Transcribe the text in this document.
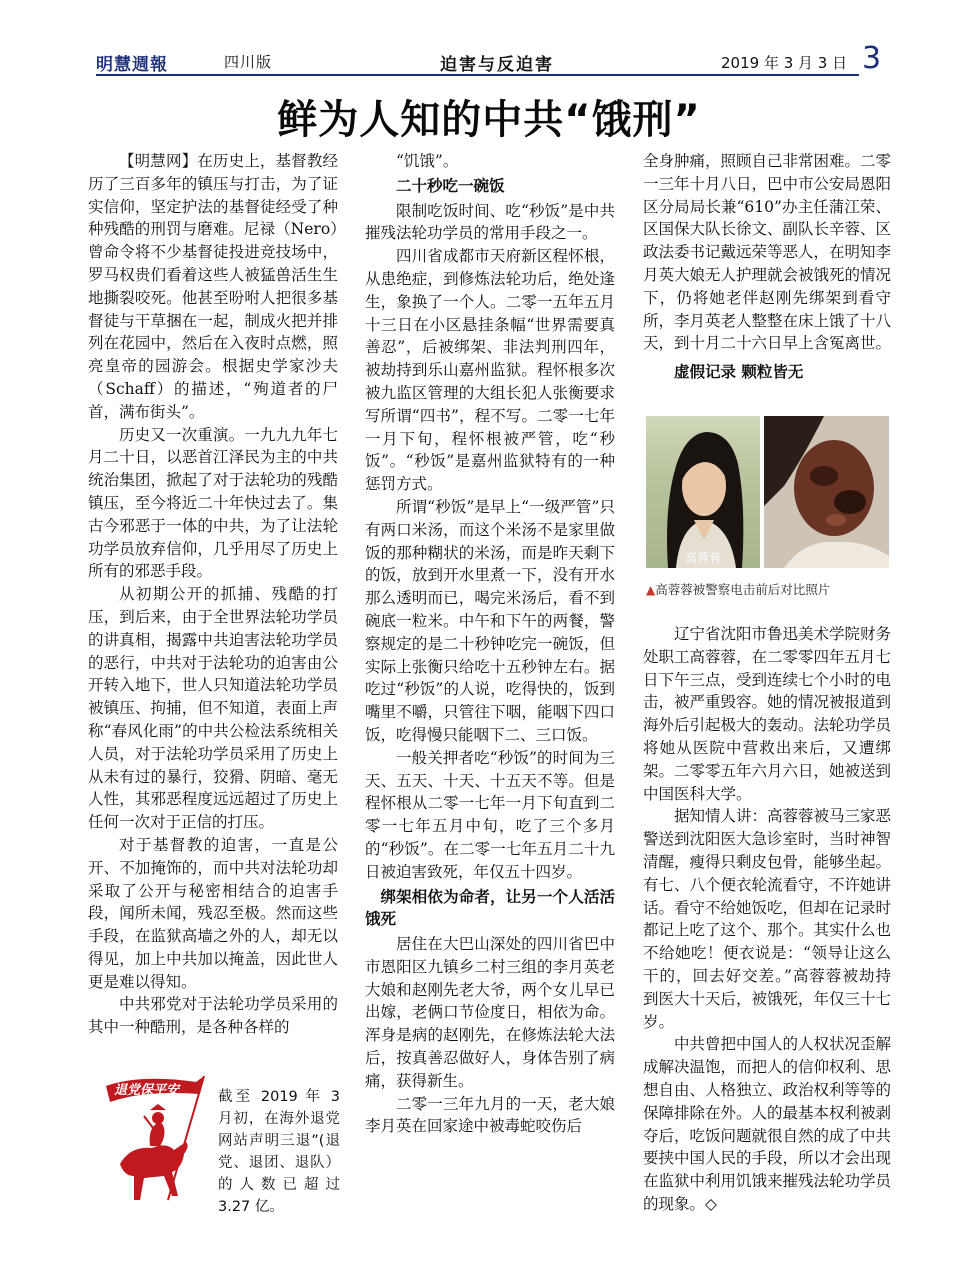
明慧週報	四川版	迫害与反迫害	2019 年 3 月 3 日 3
鲜为人知的中共“饿刑”

【明慧网】在历史上，基督教经历了三百多年的镇压与打击，为了证实信仰，坚定护法的基督徒经受了种种残酷的刑罚与磨难。尼禄（Nero）曾命令将不少基督徒投进竞技场中，罗马权贵们看着这些人被猛兽活生生地撕裂咬死。他甚至吩咐人把很多基督徒与干草捆在一起，制成火把并排列在花园中，然后在入夜时点燃，照亮皇帝的园游会。根据史学家沙夫（Schaff）的描述，“殉道者的尸首，满布街头”。

历史又一次重演。一九九九年七月二十日，以恶首江泽民为主的中共统治集团，掀起了对于法轮功的残酷镇压，至今将近二十年快过去了。集古今邪恶于一体的中共，为了让法轮功学员放弃信仰，几乎用尽了历史上所有的邪恶手段。

从初期公开的抓捕、残酷的打压，到后来，由于全世界法轮功学员的讲真相，揭露中共迫害法轮功学员的恶行，中共对于法轮功的迫害由公开转入地下，世人只知道法轮功学员被镇压、拘捕，但不知道，表面上声称“春风化雨”的中共公检法系统相关人员，对于法轮功学员采用了历史上从未有过的暴行，狡猾、阴暗、毫无人性，其邪恶程度远远超过了历史上任何一次对于正信的打压。

对于基督教的迫害，一直是公开、不加掩饰的，而中共对法轮功却采取了公开与秘密相结合的迫害手段，闻所未闻，残忍至极。然而这些手段，在监狱高墙之外的人，却无以得见，加上中共加以掩盖，因此世人更是难以得知。

中共邪党对于法轮功学员采用的其中一种酷刑，是各种各样的

退党保平安	截至 2019 年 3 月初，在海外退党网站声明三退”(退党、退团、退队）的人数已超过 3.27 亿。

“饥饿”。

二十秒吃一碗饭

限制吃饭时间、吃“秒饭”是中共摧残法轮功学员的常用手段之一。

四川省成都市天府新区程怀根，从患绝症，到修炼法轮功后，绝处逢生，象换了一个人。二零一五年五月十三日在小区悬挂条幅“世界需要真善忍”，后被绑架、非法判刑四年，被劫持到乐山嘉州监狱。程怀根多次被九监区管理的大组长犯人张衡要求写所谓“四书”，程不写。二零一七年一月下旬，程怀根被严管，吃“秒饭”。“秒饭”是嘉州监狱特有的一种惩罚方式。

所谓“秒饭”是早上“一级严管”只有两口米汤，而这个米汤不是家里做饭的那种糊状的米汤，而是昨天剩下的饭，放到开水里煮一下，没有开水那么透明而已，喝完米汤后，看不到碗底一粒米。中午和下午的两餐，警察规定的是二十秒钟吃完一碗饭，但实际上张衡只给吃十五秒钟左右。据吃过“秒饭”的人说，吃得快的，饭到嘴里不嚼，只管往下咽，能咽下四口饭，吃得慢只能咽下二、三口饭。

一般关押者吃“秒饭”的时间为三天、五天、十天、十五天不等。但是程怀根从二零一七年一月下旬直到二零一七年五月中旬，吃了三个多月的“秒饭”。在二零一七年五月二十九日被迫害致死，年仅五十四岁。

绑架相依为命者，让另一个人活活饿死

居住在大巴山深处的四川省巴中市恩阳区九镇乡二村三组的李月英老大娘和赵刚先老大爷，两个女儿早已出嫁，老俩口节俭度日，相依为命。浑身是病的赵刚先，在修炼法轮大法后，按真善忍做好人，身体告别了病痛，获得新生。

二零一三年九月的一天，老大娘李月英在回家途中被毒蛇咬伤后

全身肿痛，照顾自己非常困难。二零一三年十月八日，巴中市公安局恩阳区分局局长兼“610”办主任蒲江荣、区国保大队长徐文、副队长辛蓉、区政法委书记戴远荣等恶人，在明知李月英大娘无人护理就会被饿死的情况下，仍将她老伴赵刚先绑架到看守所，李月英老人整整在床上饿了十八天，到十月二十六日早上含冤离世。

虚假记录 颗粒皆无
高蓉蓉
▲高蓉蓉被警察电击前后对比照片

辽宁省沈阳市鲁迅美术学院财务处职工高蓉蓉，在二零零四年五月七日下午三点，受到连续七个小时的电击，被严重毁容。她的情况被报道到海外后引起极大的轰动。法轮功学员将她从医院中营救出来后，又遭绑架。二零零五年六月六日，她被送到中国医科大学。

据知情人讲：高蓉蓉被马三家恶警送到沈阳医大急诊室时，当时神智清醒，瘦得只剩皮包骨，能够坐起。有七、八个便衣轮流看守，不许她讲话。看守不给她饭吃，但却在记录时都记上吃了这个、那个。其实什么也不给她吃！便衣说是：“领导让这么干的，回去好交差。”高蓉蓉被劫持到医大十天后，被饿死，年仅三十七岁。

中共曾把中国人的人权状况歪解成解决温饱，而把人的信仰权利、思想自由、人格独立、政治权利等等的保障排除在外。人的最基本权利被剥夺后，吃饭问题就很自然的成了中共要挟中国人民的手段，所以才会出现在监狱中利用饥饿来摧残法轮功学员的现象。◇
